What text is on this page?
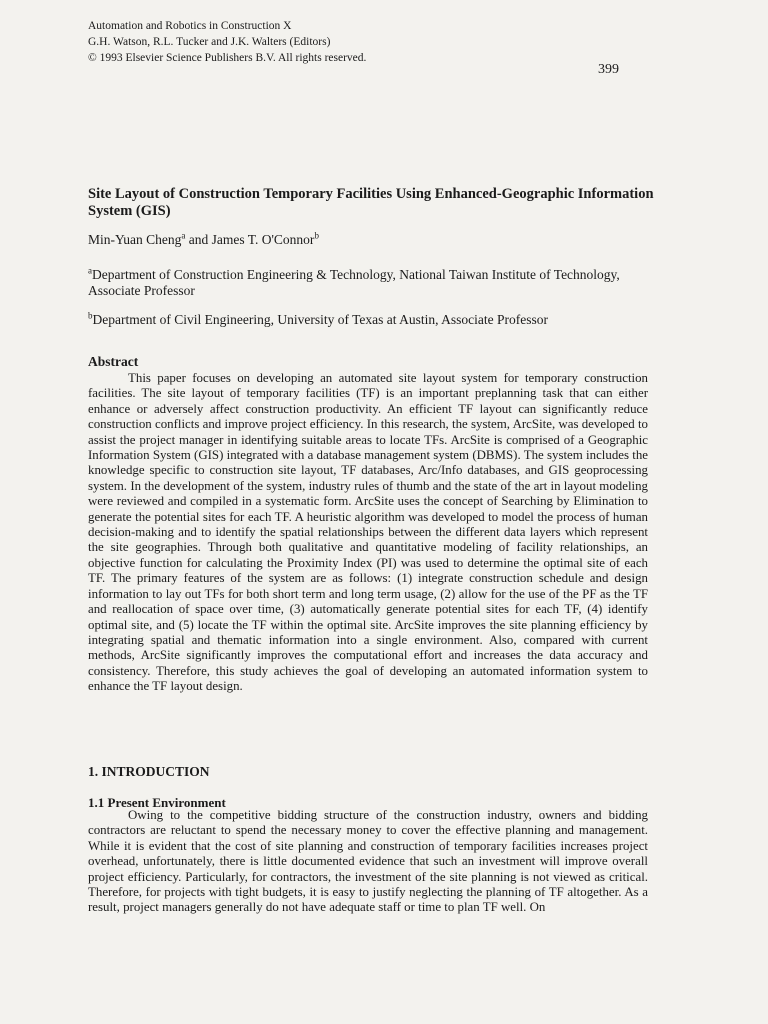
Automation and Robotics in Construction X
G.H. Watson, R.L. Tucker and J.K. Walters (Editors)
© 1993 Elsevier Science Publishers B.V. All rights reserved.
399
Site Layout of Construction Temporary Facilities Using Enhanced-Geographic Information System (GIS)
Min-Yuan Cheng$^a$ and James T. O'Connor$^b$
$^a$Department of Construction Engineering & Technology, National Taiwan Institute of Technology, Associate Professor
$^b$Department of Civil Engineering, University of Texas at Austin, Associate Professor
Abstract
This paper focuses on developing an automated site layout system for temporary construction facilities. The site layout of temporary facilities (TF) is an important preplanning task that can either enhance or adversely affect construction productivity. An efficient TF layout can significantly reduce construction conflicts and improve project efficiency. In this research, the system, ArcSite, was developed to assist the project manager in identifying suitable areas to locate TFs. ArcSite is comprised of a Geographic Information System (GIS) integrated with a database management system (DBMS). The system includes the knowledge specific to construction site layout, TF databases, Arc/Info databases, and GIS geoprocessing system. In the development of the system, industry rules of thumb and the state of the art in layout modeling were reviewed and compiled in a systematic form. ArcSite uses the concept of Searching by Elimination to generate the potential sites for each TF. A heuristic algorithm was developed to model the process of human decision-making and to identify the spatial relationships between the different data layers which represent the site geographies. Through both qualitative and quantitative modeling of facility relationships, an objective function for calculating the Proximity Index (PI) was used to determine the optimal site of each TF. The primary features of the system are as follows: (1) integrate construction schedule and design information to lay out TFs for both short term and long term usage, (2) allow for the use of the PF as the TF and reallocation of space over time, (3) automatically generate potential sites for each TF, (4) identify optimal site, and (5) locate the TF within the optimal site. ArcSite improves the site planning efficiency by integrating spatial and thematic information into a single environment. Also, compared with current methods, ArcSite significantly improves the computational effort and increases the data accuracy and consistency. Therefore, this study achieves the goal of developing an automated information system to enhance the TF layout design.
1. INTRODUCTION
1.1 Present Environment
Owing to the competitive bidding structure of the construction industry, owners and bidding contractors are reluctant to spend the necessary money to cover the effective planning and management. While it is evident that the cost of site planning and construction of temporary facilities increases project overhead, unfortunately, there is little documented evidence that such an investment will improve overall project efficiency. Particularly, for contractors, the investment of the site planning is not viewed as critical. Therefore, for projects with tight budgets, it is easy to justify neglecting the planning of TF altogether. As a result, project managers generally do not have adequate staff or time to plan TF well. On
